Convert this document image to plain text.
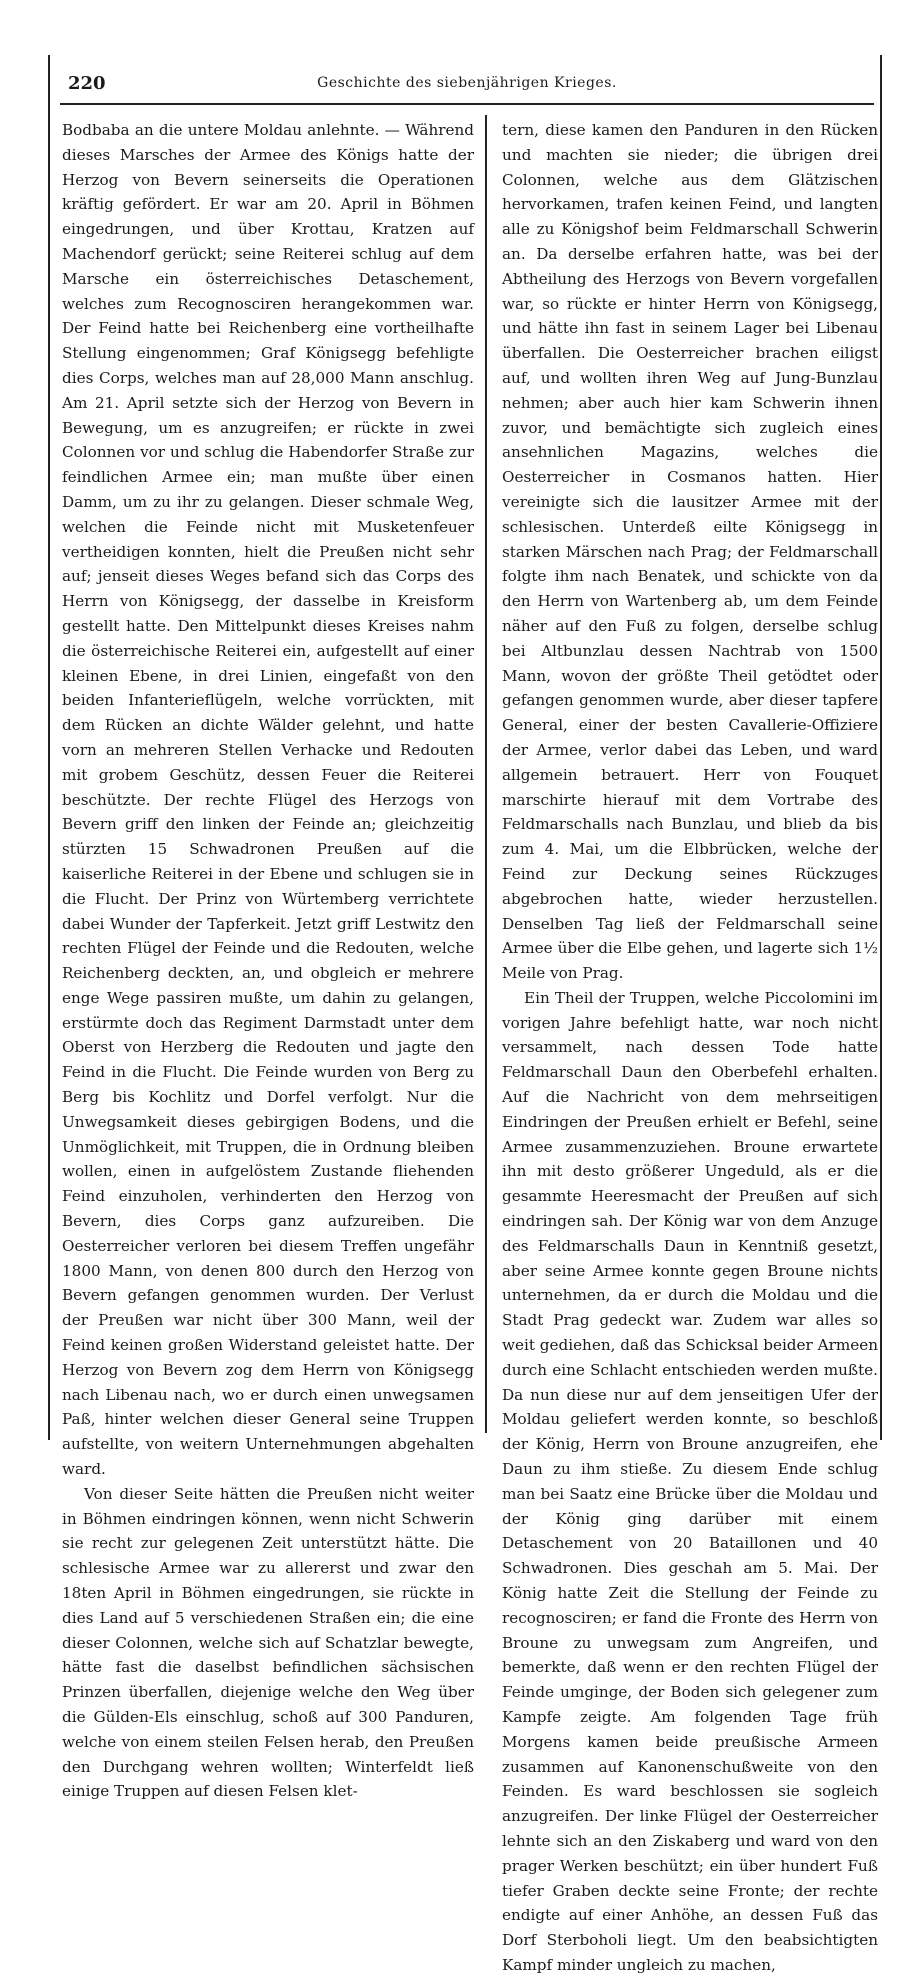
220	Geschichte des siebenjährigen Krieges.

Bodbaba an die untere Moldau anlehnte. — Während dieses Marsches der Armee des Königs hatte der Herzog von Bevern seinerseits die Operationen kräftig gefördert. Er war am 20. April in Böhmen eingedrungen, und über Krottau, Kratzen auf Machendorf gerückt; seine Reiterei schlug auf dem Marsche ein österreichisches Detaschement, welches zum Recognosciren herangekommen war. Der Feind hatte bei Reichenberg eine vortheilhafte Stellung eingenommen; Graf Königsegg befehligte dies Corps, welches man auf 28,000 Mann anschlug. Am 21. April setzte sich der Herzog von Bevern in Bewegung, um es anzugreifen; er rückte in zwei Colonnen vor und schlug die Habendorfer Straße zur feindlichen Armee ein; man mußte über einen Damm, um zu ihr zu gelangen. Dieser schmale Weg, welchen die Feinde nicht mit Musketenfeuer vertheidigen konnten, hielt die Preußen nicht sehr auf; jenseit dieses Weges befand sich das Corps des Herrn von Königsegg, der dasselbe in Kreisform gestellt hatte. Den Mittelpunkt dieses Kreises nahm die österreichische Reiterei ein, aufgestellt auf einer kleinen Ebene, in drei Linien, eingefaßt von den beiden Infanterieflügeln, welche vorrückten, mit dem Rücken an dichte Wälder gelehnt, und hatte vorn an mehreren Stellen Verhacke und Redouten mit grobem Geschütz, dessen Feuer die Reiterei beschützte. Der rechte Flügel des Herzogs von Bevern griff den linken der Feinde an; gleichzeitig stürzten 15 Schwadronen Preußen auf die kaiserliche Reiterei in der Ebene und schlugen sie in die Flucht. Der Prinz von Würtemberg verrichtete dabei Wunder der Tapferkeit. Jetzt griff Lestwitz den rechten Flügel der Feinde und die Redouten, welche Reichenberg deckten, an, und obgleich er mehrere enge Wege passiren mußte, um dahin zu gelangen, erstürmte doch das Regiment Darmstadt unter dem Oberst von Herzberg die Redouten und jagte den Feind in die Flucht. Die Feinde wurden von Berg zu Berg bis Kochlitz und Dorfel verfolgt. Nur die Unwegsamkeit dieses gebirgigen Bodens, und die Unmöglichkeit, mit Truppen, die in Ordnung bleiben wollen, einen in aufgelöstem Zustande fliehenden Feind einzuholen, verhinderten den Herzog von Bevern, dies Corps ganz aufzureiben. Die Oesterreicher verloren bei diesem Treffen ungefähr 1800 Mann, von denen 800 durch den Herzog von Bevern gefangen genommen wurden. Der Verlust der Preußen war nicht über 300 Mann, weil der Feind keinen großen Widerstand geleistet hatte. Der Herzog von Bevern zog dem Herrn von Königsegg nach Libenau nach, wo er durch einen unwegsamen Paß, hinter welchen dieser General seine Truppen aufstellte, von weitern Unternehmungen abgehalten ward.

Von dieser Seite hätten die Preußen nicht weiter in Böhmen eindringen können, wenn nicht Schwerin sie recht zur gelegenen Zeit unterstützt hätte. Die schlesische Armee war zu allererst und zwar den 18ten April in Böhmen eingedrungen, sie rückte in dies Land auf 5 verschiedenen Straßen ein; die eine dieser Colonnen, welche sich auf Schatzlar bewegte, hätte fast die daselbst befindlichen sächsischen Prinzen überfallen, diejenige welche den Weg über die Gülden-Els einschlug, schoß auf 300 Panduren, welche von einem steilen Felsen herab, den Preußen den Durchgang wehren wollten; Winterfeldt ließ einige Truppen auf diesen Felsen klet-

tern, diese kamen den Panduren in den Rücken und machten sie nieder; die übrigen drei Colonnen, welche aus dem Glätzischen hervorkamen, trafen keinen Feind, und langten alle zu Königshof beim Feldmarschall Schwerin an. Da derselbe erfahren hatte, was bei der Abtheilung des Herzogs von Bevern vorgefallen war, so rückte er hinter Herrn von Königsegg, und hätte ihn fast in seinem Lager bei Libenau überfallen. Die Oesterreicher brachen eiligst auf, und wollten ihren Weg auf Jung-Bunzlau nehmen; aber auch hier kam Schwerin ihnen zuvor, und bemächtigte sich zugleich eines ansehnlichen Magazins, welches die Oesterreicher in Cosmanos hatten. Hier vereinigte sich die lausitzer Armee mit der schlesischen. Unterdeß eilte Königsegg in starken Märschen nach Prag; der Feldmarschall folgte ihm nach Benatek, und schickte von da den Herrn von Wartenberg ab, um dem Feinde näher auf den Fuß zu folgen, derselbe schlug bei Altbunzlau dessen Nachtrab von 1500 Mann, wovon der größte Theil getödtet oder gefangen genommen wurde, aber dieser tapfere General, einer der besten Cavallerie-Offiziere der Armee, verlor dabei das Leben, und ward allgemein betrauert. Herr von Fouquet marschirte hierauf mit dem Vortrabe des Feldmarschalls nach Bunzlau, und blieb da bis zum 4. Mai, um die Elbbrücken, welche der Feind zur Deckung seines Rückzuges abgebrochen hatte, wieder herzustellen. Denselben Tag ließ der Feldmarschall seine Armee über die Elbe gehen, und lagerte sich 1½ Meile von Prag.

Ein Theil der Truppen, welche Piccolomini im vorigen Jahre befehligt hatte, war noch nicht versammelt, nach dessen Tode hatte Feldmarschall Daun den Oberbefehl erhalten. Auf die Nachricht von dem mehrseitigen Eindringen der Preußen erhielt er Befehl, seine Armee zusammenzuziehen. Broune erwartete ihn mit desto größerer Ungeduld, als er die gesammte Heeresmacht der Preußen auf sich eindringen sah. Der König war von dem Anzuge des Feldmarschalls Daun in Kenntniß gesetzt, aber seine Armee konnte gegen Broune nichts unternehmen, da er durch die Moldau und die Stadt Prag gedeckt war. Zudem war alles so weit gediehen, daß das Schicksal beider Armeen durch eine Schlacht entschieden werden mußte. Da nun diese nur auf dem jenseitigen Ufer der Moldau geliefert werden konnte, so beschloß der König, Herrn von Broune anzugreifen, ehe Daun zu ihm stieße. Zu diesem Ende schlug man bei Saatz eine Brücke über die Moldau und der König ging darüber mit einem Detaschement von 20 Bataillonen und 40 Schwadronen. Dies geschah am 5. Mai. Der König hatte Zeit die Stellung der Feinde zu recognosciren; er fand die Fronte des Herrn von Broune zu unwegsam zum Angreifen, und bemerkte, daß wenn er den rechten Flügel der Feinde umginge, der Boden sich gelegener zum Kampfe zeigte. Am folgenden Tage früh Morgens kamen beide preußische Armeen zusammen auf Kanonenschußweite von den Feinden. Es ward beschlossen sie sogleich anzugreifen. Der linke Flügel der Oesterreicher lehnte sich an den Ziskaberg und ward von den prager Werken beschützt; ein über hundert Fuß tiefer Graben deckte seine Fronte; der rechte endigte auf einer Anhöhe, an dessen Fuß das Dorf Sterboholi liegt. Um den beabsichtigten Kampf minder ungleich zu machen,
